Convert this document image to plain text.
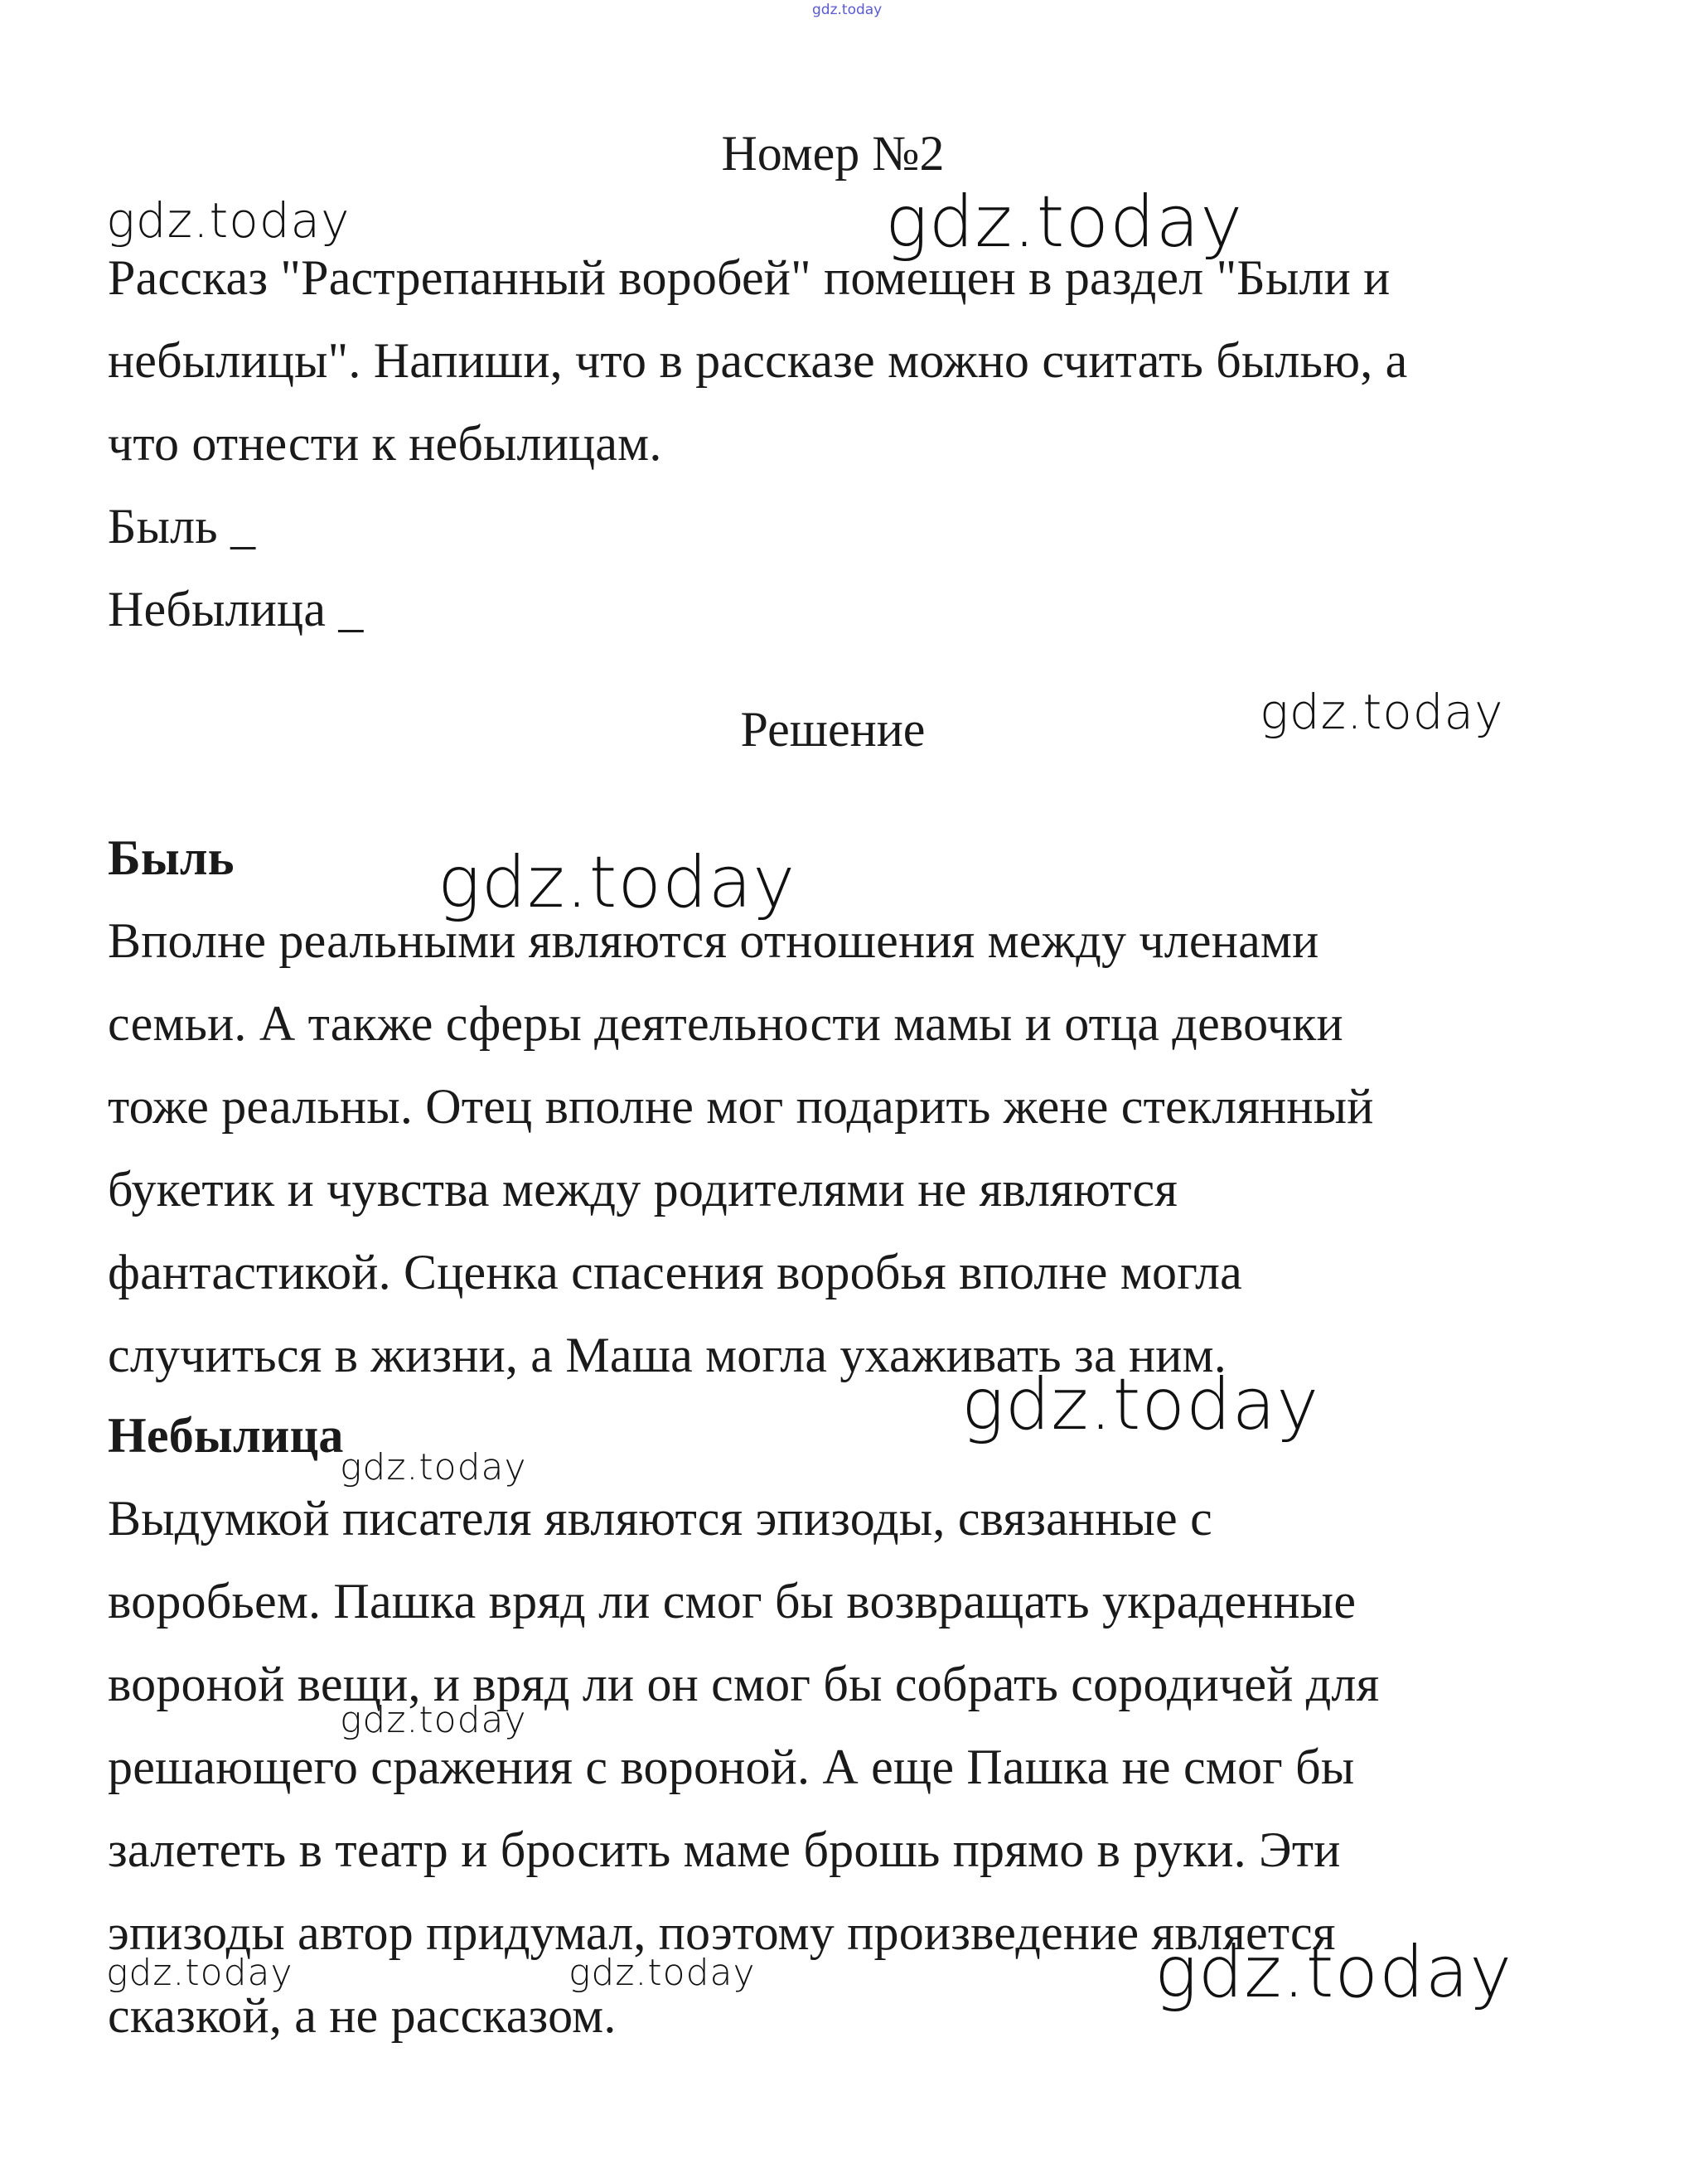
gdz.today
Номер №2
Рассказ "Растрепанный воробей" помещен в раздел "Были и
небылицы". Напиши, что в рассказе можно считать былью, а
что отнести к небылицам.
Быль _
Небылица _
Решение
Быль
Вполне реальными являются отношения между членами
семьи. А также сферы деятельности мамы и отца девочки
тоже реальны. Отец вполне мог подарить жене стеклянный
букетик и чувства между родителями не являются
фантастикой. Сценка спасения воробья вполне могла
случиться в жизни, а Маша могла ухаживать за ним.
Небылица
Выдумкой писателя являются эпизоды, связанные с
воробьем. Пашка вряд ли смог бы возвращать украденные
вороной вещи, и вряд ли он смог бы собрать сородичей для
решающего сражения с вороной. А еще Пашка не смог бы
залететь в театр и бросить маме брошь прямо в руки. Эти
эпизоды автор придумал, поэтому произведение является
сказкой, а не рассказом.
gdz.today	gdz.today
gdz.today
gdz.today
gdz.today
gdz.today
gdz.today
gdz.today	gdz.today	gdz.today
